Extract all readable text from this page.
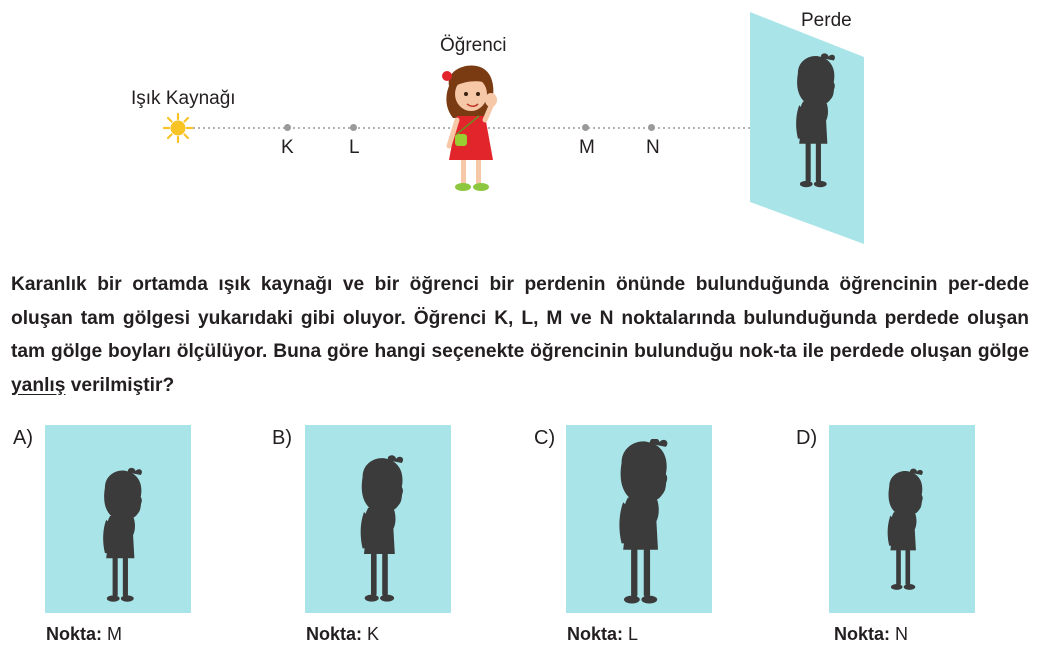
Işık Kaynağı
K	L	M	N
Öğrenci
Perde
Karanlık bir ortamda ışık kaynağı ve bir öğrenci bir perdenin önünde bulunduğunda öğrencinin per-dede oluşan tam gölgesi yukarıdaki gibi oluyor. Öğrenci K, L, M ve N noktalarında bulunduğunda perdede oluşan tam gölge boyları ölçülüyor. Buna göre hangi seçenekte öğrencinin bulunduğu nok-ta ile perdede oluşan gölge yanlış verilmiştir?
A)
Nokta: M
B)
Nokta: K
C)
Nokta: L
D)
Nokta: N
